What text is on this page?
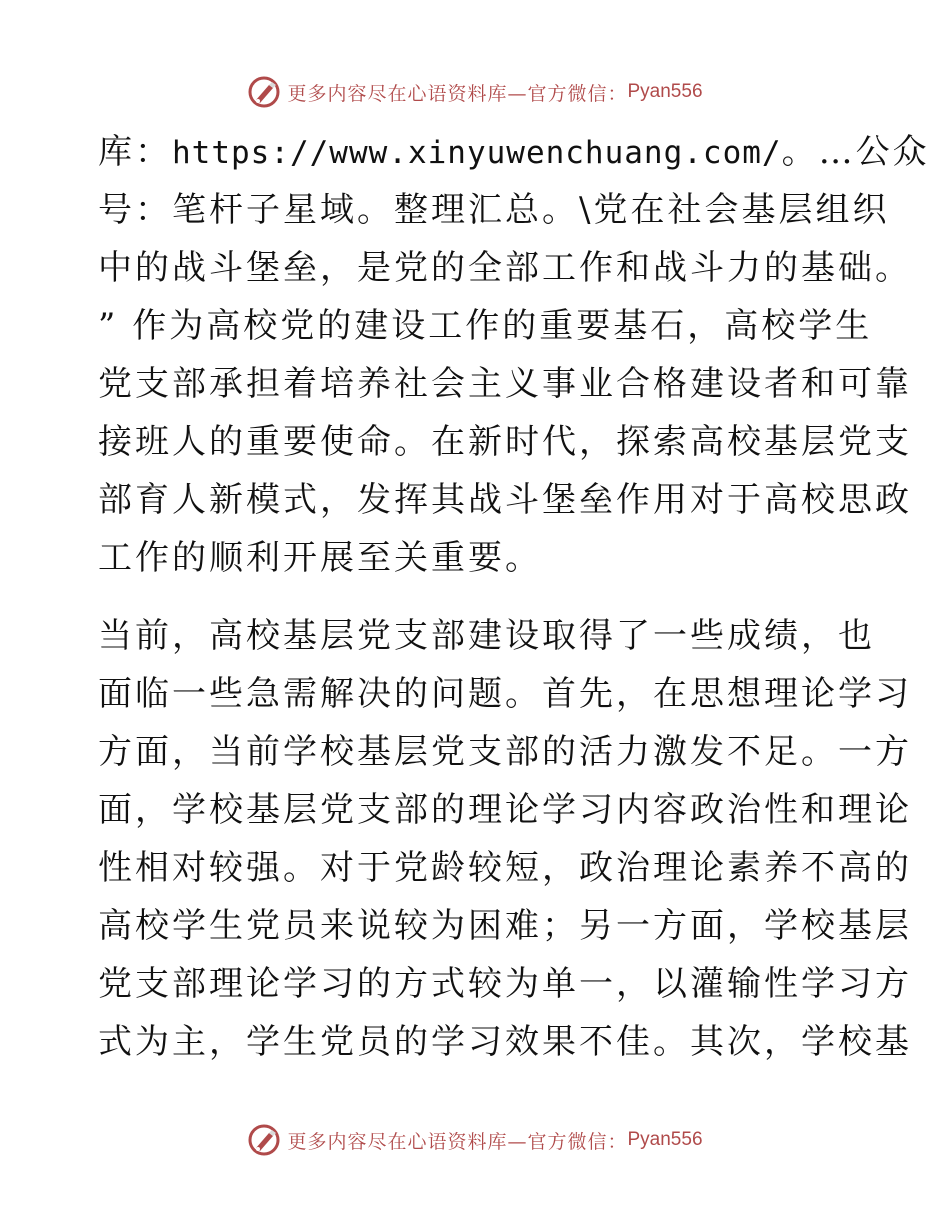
更多内容尽在心语资料库—官方微信： Pyan556
库：https://www.xinyuwenchuang.com/。…公众
号：笔杆子星域。整理汇总。\党在社会基层组织
中的战斗堡垒，是党的全部工作和战斗力的基础。
” 作为高校党的建设工作的重要基石，高校学生
党支部承担着培养社会主义事业合格建设者和可靠
接班人的重要使命。在新时代，探索高校基层党支
部育人新模式，发挥其战斗堡垒作用对于高校思政
工作的顺利开展至关重要。
当前，高校基层党支部建设取得了一些成绩，也
面临一些急需解决的问题。首先，在思想理论学习
方面，当前学校基层党支部的活力激发不足。一方
面，学校基层党支部的理论学习内容政治性和理论
性相对较强。对于党龄较短，政治理论素养不高的
高校学生党员来说较为困难；另一方面，学校基层
党支部理论学习的方式较为单一，以灌输性学习方
式为主，学生党员的学习效果不佳。其次，学校基
更多内容尽在心语资料库—官方微信： Pyan556
